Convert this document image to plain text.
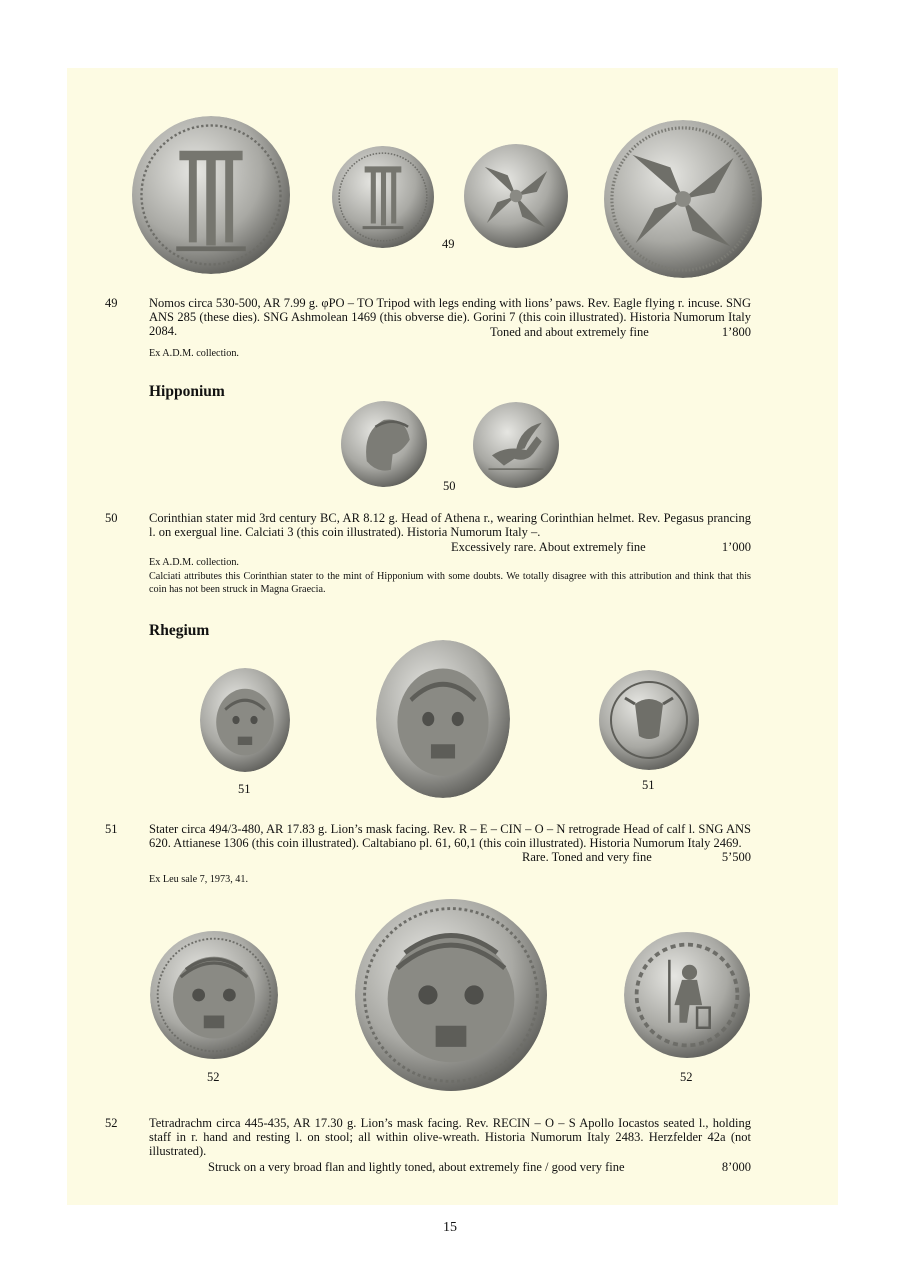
49
49	Nomos circa 530-500, AR 7.99 g. φPO – TO Tripod with legs ending with lions’ paws. Rev. Eagle flying r. incuse. SNG ANS 285 (these dies). SNG Ashmolean 1469 (this obverse die). Gorini 7 (this coin illustrated). Historia Numorum Italy 2084.	Toned and about extremely fine	1’800
Ex A.D.M. collection.
Hipponium
50
50	Corinthian stater mid 3rd century BC, AR 8.12 g. Head of Athena r., wearing Corinthian helmet. Rev. Pegasus prancing l. on exergual line. Calciati 3 (this coin illustrated). Historia Numorum Italy –.
Excessively rare. About extremely fine	1’000
Ex A.D.M. collection.
Calciati attributes this Corinthian stater to the mint of Hipponium with some doubts. We totally disagree with this attribution and think that this coin has not been struck in Magna Graecia.
Rhegium
51	51
51	Stater circa 494/3-480, AR 17.83 g. Lion’s mask facing. Rev. R – E – CIN – O – N retrograde Head of calf l. SNG ANS 620. Attianese 1306 (this coin illustrated). Caltabiano pl. 61, 60,1 (this coin illustrated). Historia Numorum Italy 2469.
Rare. Toned and very fine	5’500
Ex Leu sale 7, 1973, 41.
52	52
52	Tetradrachm circa 445-435, AR 17.30 g. Lion’s mask facing. Rev. RECIN – O – S Apollo Iocastos seated l., holding staff in r. hand and resting l. on stool; all within olive-wreath. Historia Numorum Italy 2483. Herzfelder 42a (not illustrated).
Struck on a very broad flan and lightly toned, about extremely fine / good very fine	8’000
15
